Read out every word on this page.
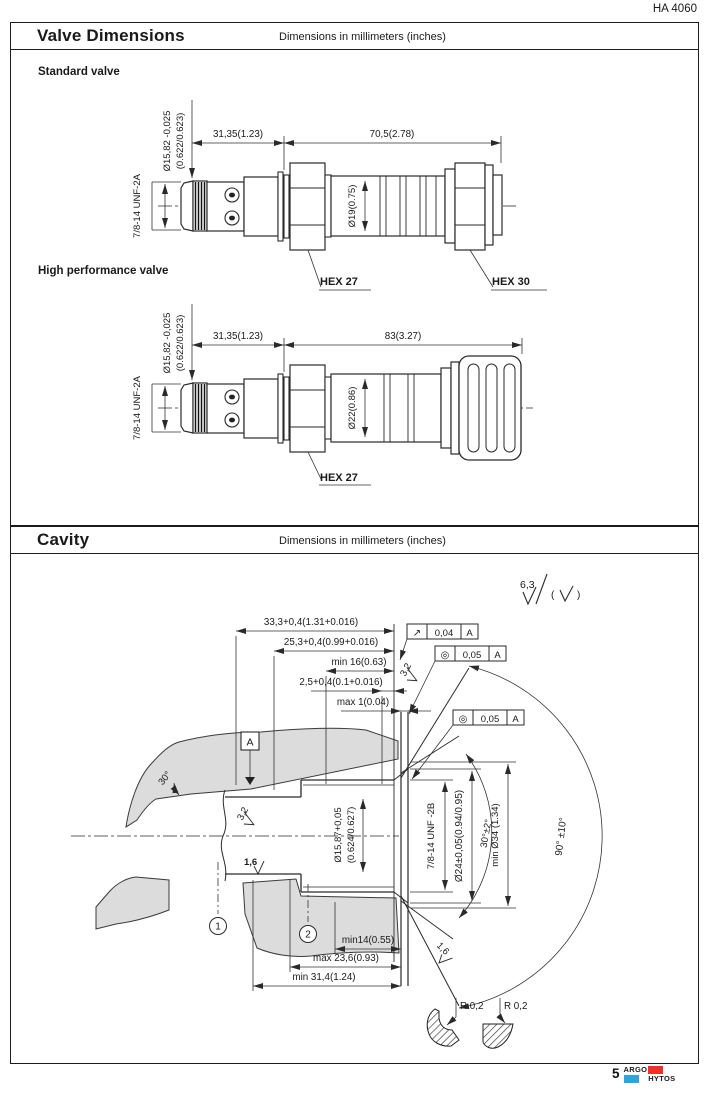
HA 4060
Valve Dimensions	Dimensions in millimeters (inches)
Standard valve
Ø15,82 -0,025 (0.622/0.623)	31,35(1.23)	70,5(2.78)
7/8-14 UNF-2A	Ø19(0.75)
HEX 27	HEX 30
High performance valve
Ø15,82 -0,025 (0.622/0.623)	31,35(1.23)	83(3.27)
7/8-14 UNF-2A	Ø22(0.86)
HEX 27
Cavity	Dimensions in millimeters (inches)
6,3
( )
A
30°
3,2
3,2
1,6
1,6
33,3+0,4(1.31+0.016)
25,3+0,4(0.99+0.016)
min 16(0.63)
2,5+0,4(0.1+0.016)
max 1(0.04)
↗ 0,04 A
◎ 0,05 A
◎ 0,05 A
Ø15,87+0,05 (0.624/0.627)	7/8-14 UNF -2B Ø24±0,05(0.94/0.95) 30°±2°
min Ø34 (1.34)	90° ±10°
min14(0.55)
max 23,6(0.93)
min 31,4(1.24)
1
2
R 0,2 R 0,2
5 ARGO
HYTOS
